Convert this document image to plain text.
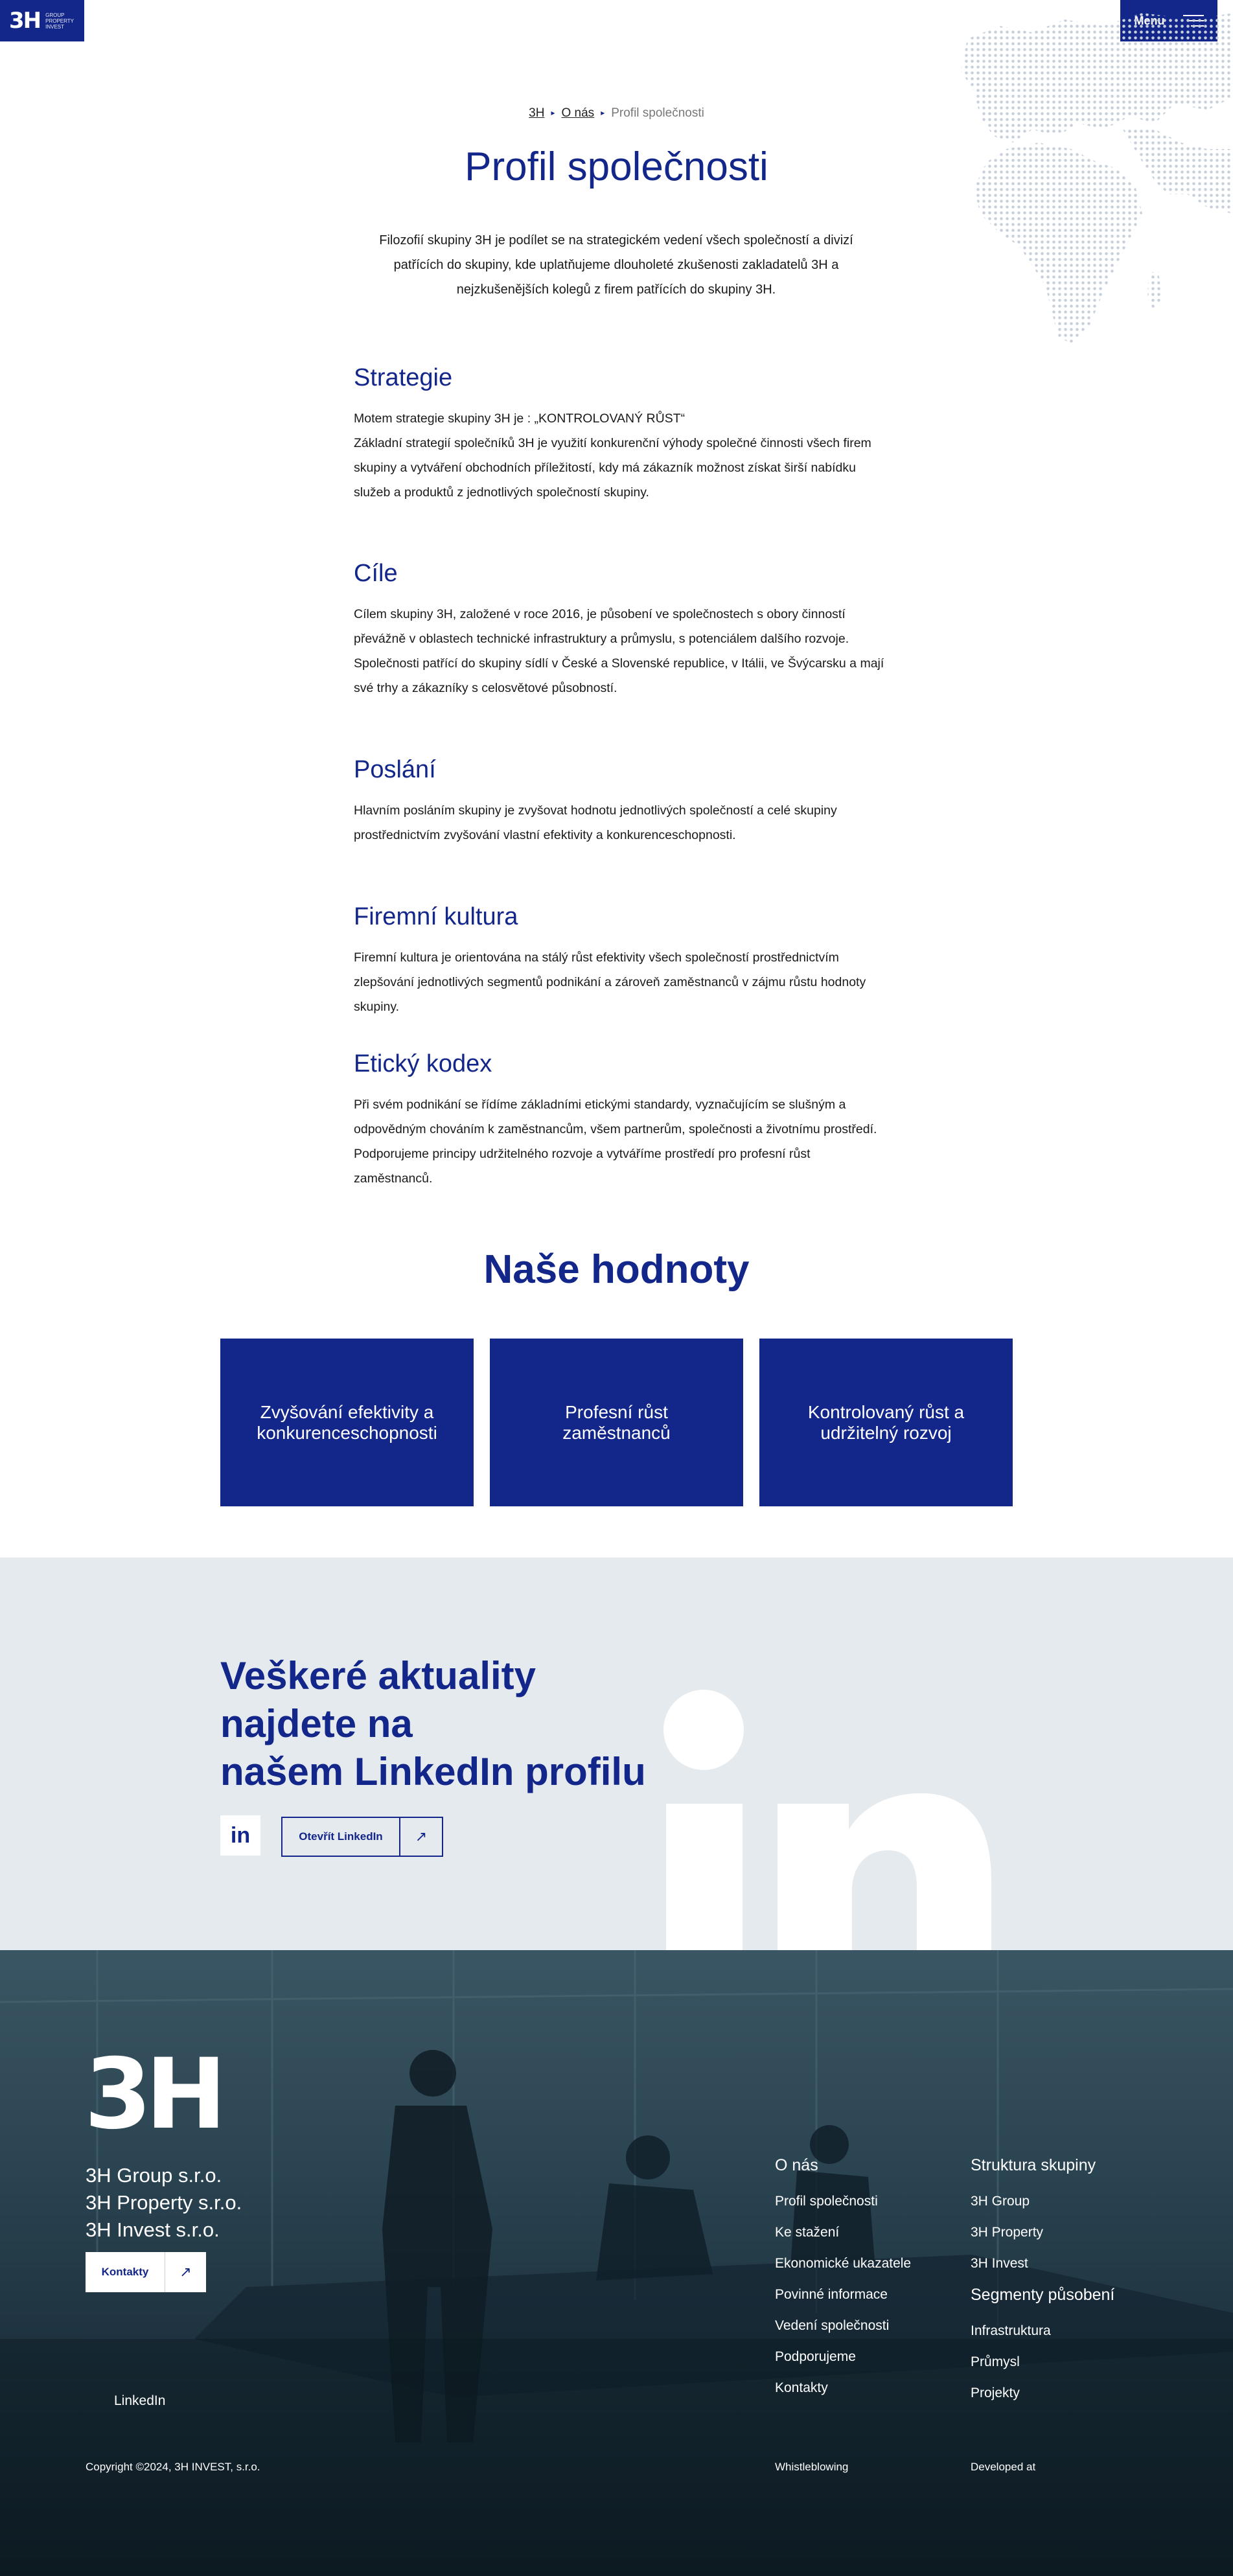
3H GROUP
PROPERTY
INVEST
3H ▸ O nás ▸ Profil společnosti
Profil společnosti

Filozofií skupiny 3H je podílet se na strategickém vedení všech společností a divizí patřících do skupiny, kde uplatňujeme dlouholeté zkušenosti zakladatelů 3H a nejzkušenějších kolegů z firem patřících do skupiny 3H.

Strategie

Motem strategie skupiny 3H je : „KONTROLOVANÝ RŮST“
Základní strategií společníků 3H je využití konkurenční výhody společné činnosti všech firem skupiny a vytváření obchodních příležitostí, kdy má zákazník možnost získat širší nabídku služeb a produktů z jednotlivých společností skupiny.

Cíle

Cílem skupiny 3H, založené v roce 2016, je působení ve společnostech s obory činností převážně v oblastech technické infrastruktury a průmyslu, s potenciálem dalšího rozvoje. Společnosti patřící do skupiny sídlí v České a Slovenské republice, v Itálii, ve Švýcarsku a mají své trhy a zákazníky s celosvětové působností.

Poslání

Hlavním posláním skupiny je zvyšovat hodnotu jednotlivých společností a celé skupiny prostřednictvím zvyšování vlastní efektivity a konkurenceschopnosti.

Firemní kultura

Firemní kultura je orientována na stálý růst efektivity všech společností prostřednictvím zlepšování jednotlivých segmentů podnikání a zároveň zaměstnanců v zájmu růstu hodnoty skupiny.

Etický kodex

Při svém podnikání se řídíme základními etickými standardy, vyznačujícím se slušným a odpovědným chováním k zaměstnancům, všem partnerům, společnosti a životnímu prostředí. Podporujeme principy udržitelného rozvoje a vytváříme prostředí pro profesní růst zaměstnanců.

Naše hodnoty
Zvyšování efektivity a konkurenceschopnosti
Profesní růst zaměstnanců
Kontrolovaný růst a udržitelný rozvoj
Veškeré aktuality
najdete na
našem LinkedIn profilu
in	Otevřít LinkedIn	↗
3H
3H Group s.r.o.
3H Property s.r.o.
3H Invest s.r.o.
Kontakty	↗
LinkedIn
O nás
Profil společnosti
Ke stažení
Ekonomické ukazatele
Povinné informace
Vedení společnosti
Podporujeme
Kontakty
Struktura skupiny
3H Group
3H Property
3H Invest
Segmenty působení
Infrastruktura
Průmysl
Projekty
Copyright ©2024, 3H INVEST, s.r.o.	Whistleblowing	Developed at
